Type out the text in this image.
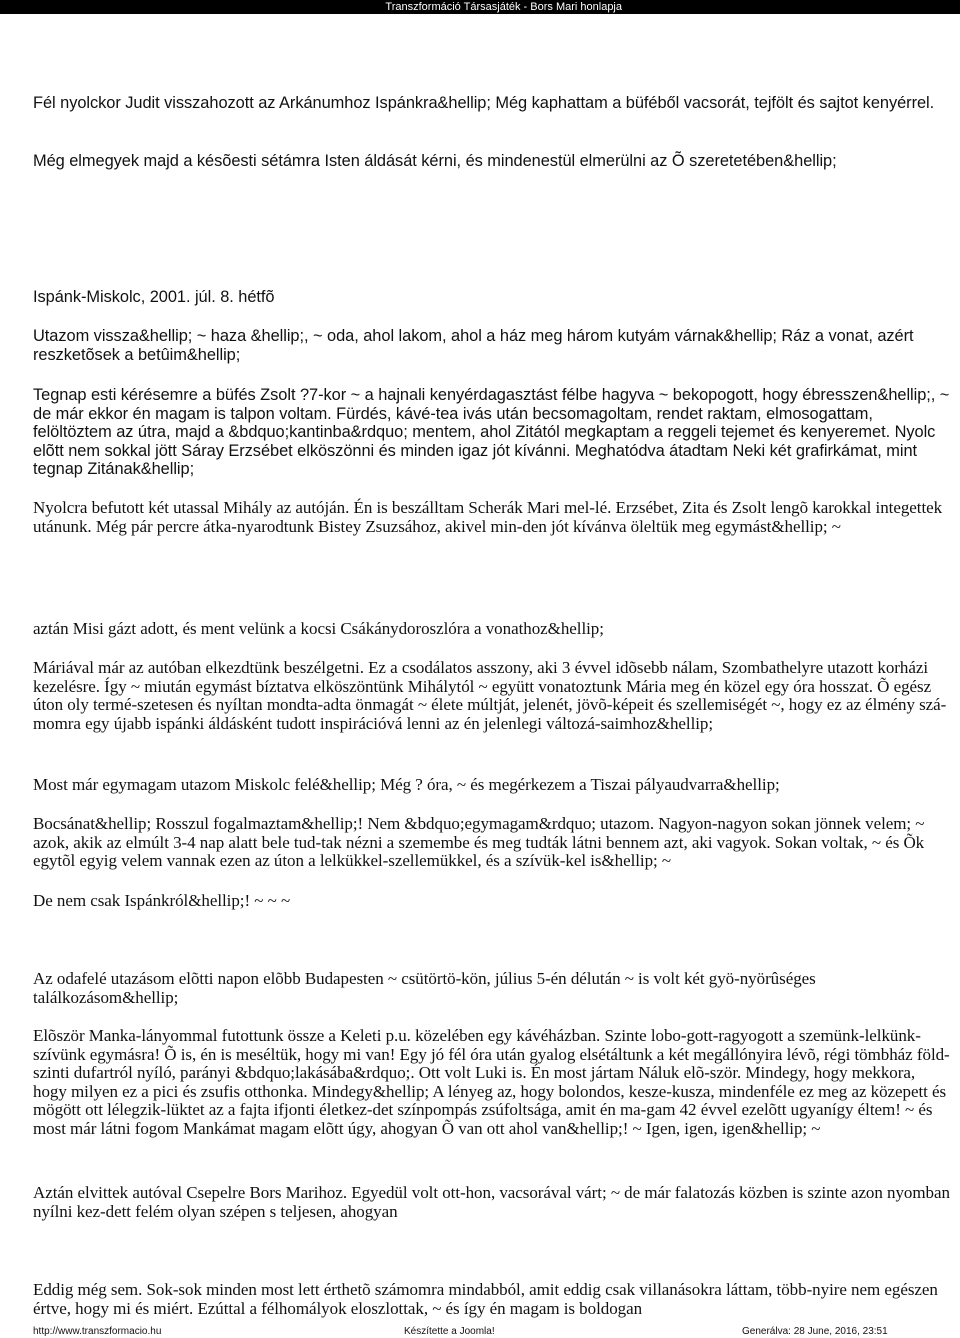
Transzformáció Társasjáték - Bors Mari honlapja

Fél nyolckor Judit visszahozott az Arkánumhoz Ispánkra&hellip; Még kaphattam a büféből vacsorát, tejfölt és sajtot kenyérrel.

Még elmegyek majd a késõesti sétámra Isten áldását kérni, és mindenestül elmerülni az Õ szeretetében&hellip;

Ispánk-Miskolc, 2001. júl. 8. hétfõ

Utazom vissza&hellip; ~ haza &hellip;, ~ oda, ahol lakom, ahol a ház meg három kutyám várnak&hellip; Ráz a vonat, azért reszketõsek a betûim&hellip;

Tegnap esti kérésemre a büfés Zsolt ?7-kor ~ a hajnali kenyérdagasztást félbe hagyva ~ bekopogott, hogy ébresszen&hellip;, ~ de már ekkor én magam is talpon voltam. Fürdés, kávé-tea ivás után becsomagoltam, rendet raktam, elmosogattam, felöltöztem az útra, majd a &bdquo;kantinba&rdquo; mentem, ahol Zitától megkaptam a reggeli tejemet és kenyeremet. Nyolc elõtt nem sokkal jött Sáray Erzsébet elköszönni és minden igaz jót kívánni. Meghatódva átadtam Neki két grafirkámat, mint tegnap Zitának&hellip;

Nyolcra befutott két utassal Mihály az autóján. Én is beszálltam Scherák Mari mel-lé. Erzsébet, Zita és Zsolt lengõ karokkal integettek utánunk. Még pár percre átka-nyarodtunk Bistey Zsuzsához, akivel min-den jót kívánva öleltük meg egymást&hellip; ~

aztán Misi gázt adott, és ment velünk a kocsi Csákánydoroszlóra a vonathoz&hellip;

Máriával már az autóban elkezdtünk beszélgetni. Ez a csodálatos asszony, aki 3 évvel idõsebb nálam, Szombathelyre utazott korházi kezelésre. Így ~ miután egymást bíztatva elköszöntünk Mihálytól ~ együtt vonatoztunk Mária meg én közel egy óra hosszat. Õ egész úton oly termé-szetesen és nyíltan mondta-adta önmagát ~ élete múltját, jelenét, jövõ-képeit és szellemiségét ~, hogy ez az élmény szá-momra egy újabb ispánki áldásként tudott inspirációvá lenni az én jelenlegi változá-saimhoz&hellip;

Most már egymagam utazom Miskolc felé&hellip; Még ? óra, ~ és megérkezem a Tiszai pályaudvarra&hellip;

Bocsánat&hellip; Rosszul fogalmaztam&hellip;! Nem &bdquo;egymagam&rdquo; utazom. Nagyon-nagyon sokan jönnek velem; ~ azok, akik az elmúlt 3-4 nap alatt bele tud-tak nézni a szemembe és meg tudták látni bennem azt, aki vagyok. Sokan voltak, ~ és Õk egytõl egyig velem vannak ezen az úton a lelkükkel-szellemükkel, és a szívük-kel is&hellip; ~

De nem csak Ispánkról&hellip;! ~ ~ ~

Az odafelé utazásom elõtti napon elõbb Budapesten ~ csütörtö-kön, július 5-én délután ~ is volt két gyö-nyörûséges találkozásom&hellip;

Elõször Manka-lányommal futottunk össze a Keleti p.u. közelében egy kávéházban. Szinte lobo-gott-ragyogott a szemünk-lelkünk-szívünk egymásra! Õ is, én is meséltük, hogy mi van! Egy jó fél óra után gyalog elsétáltunk a két megállónyira lévõ, régi tömbház föld-szinti dufartról nyíló, parányi &bdquo;lakásába&rdquo;. Ott volt Luki is. Én most jártam Náluk elõ-ször. Mindegy, hogy mekkora, hogy milyen ez a pici és zsufis otthonka. Mindegy&hellip; A lényeg az, hogy bolondos, kesze-kusza, mindenféle ez meg az közepett és mögött ott lélegzik-lüktet az a fajta ifjonti életkez-det színpompás zsúfoltsága, amit én ma-gam 42 évvel ezelõtt ugyanígy éltem! ~ és most már látni fogom Mankámat magam elõtt úgy, ahogyan Õ van ott ahol van&hellip;! ~ Igen, igen, igen&hellip; ~

Aztán elvittek autóval Csepelre Bors Marihoz. Egyedül volt ott-hon, vacsorával várt; ~ de már falatozás közben is szinte azon nyomban nyílni kez-dett felém olyan szépen s teljesen, ahogyan

Eddig még sem. Sok-sok minden most lett érthetõ számomra mindabból, amit eddig csak villanásokra láttam, több-nyire nem egészen értve, hogy mi és miért. Ezúttal a félhomályok eloszlottak, ~ és így én magam is boldogan

http://www.transzformacio.hu	Készítette a Joomla!	Generálva: 28 June, 2016, 23:51
